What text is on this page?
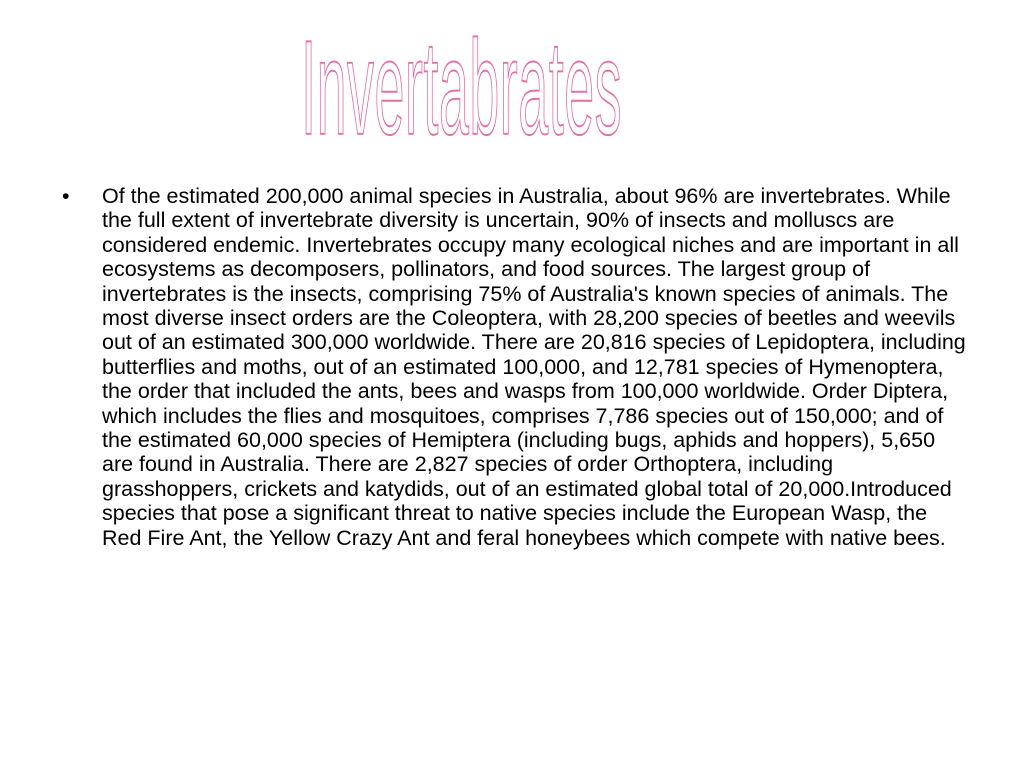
Invertabrates
• Of the estimated 200,000 animal species in Australia, about 96% are invertebrates. While the full extent of invertebrate diversity is uncertain, 90% of insects and molluscs are considered endemic. Invertebrates occupy many ecological niches and are important in all ecosystems as decomposers, pollinators, and food sources. The largest group of invertebrates is the insects, comprising 75% of Australia's known species of animals. The most diverse insect orders are the Coleoptera, with 28,200 species of beetles and weevils out of an estimated 300,000 worldwide. There are 20,816 species of Lepidoptera, including butterflies and moths, out of an estimated 100,000, and 12,781 species of Hymenoptera, the order that included the ants, bees and wasps from 100,000 worldwide. Order Diptera, which includes the flies and mosquitoes, comprises 7,786 species out of 150,000; and of the estimated 60,000 species of Hemiptera (including bugs, aphids and hoppers), 5,650 are found in Australia. There are 2,827 species of order Orthoptera, including grasshoppers, crickets and katydids, out of an estimated global total of 20,000.Introduced species that pose a significant threat to native species include the European Wasp, the Red Fire Ant, the Yellow Crazy Ant and feral honeybees which compete with native bees.
